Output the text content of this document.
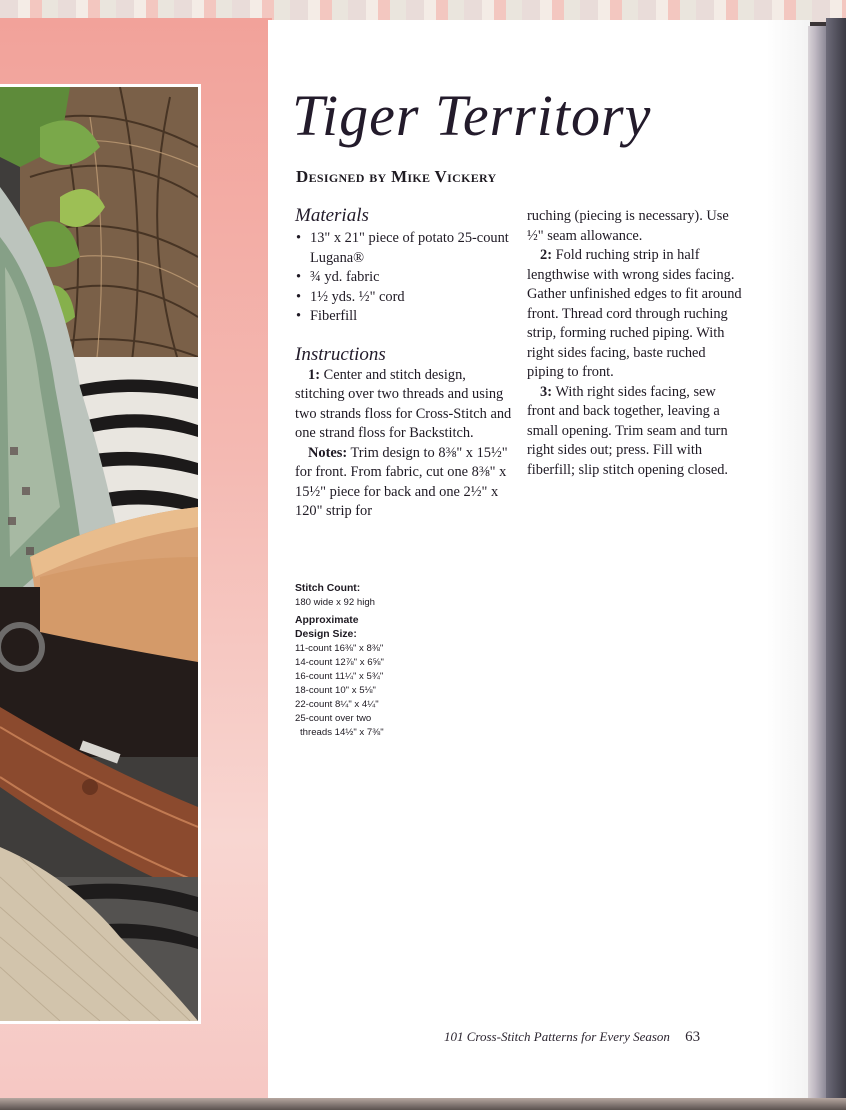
Tiger Territory

Designed by Mike Vickery

Materials
• 13" x 21" piece of potato 25-count Lugana®
• ¾ yd. fabric
• 1½ yds. ½" cord
• Fiberfill
Instructions

1: Center and stitch design, stitching over two threads and using two strands floss for Cross-Stitch and one strand floss for Backstitch.

Notes: Trim design to 8⅜" x 15½" for front. From fabric, cut one 8⅜" x 15½" piece for back and one 2½" x 120" strip for

ruching (piecing is necessary). Use ½" seam allowance.

2: Fold ruching strip in half lengthwise with wrong sides facing. Gather unfinished edges to fit around front. Thread cord through ruching strip, forming ruched piping. With right sides facing, baste ruched piping to front.

3: With right sides facing, sew front and back together, leaving a small opening. Trim seam and turn right sides out; press. Fill with fiberfill; slip stitch opening closed.

Stitch Count:
180 wide x 92 high
Approximate
Design Size:
11-count 16⅜" x 8⅜"
14-count 12⅞" x 6⅝"
16-count 11¼" x 5¾"
18-count 10" x 5⅛"
22-count 8¼" x 4¼"
25-count over two
threads 14½" x 7⅜"
101 Cross-Stitch Patterns for Every Season 63
